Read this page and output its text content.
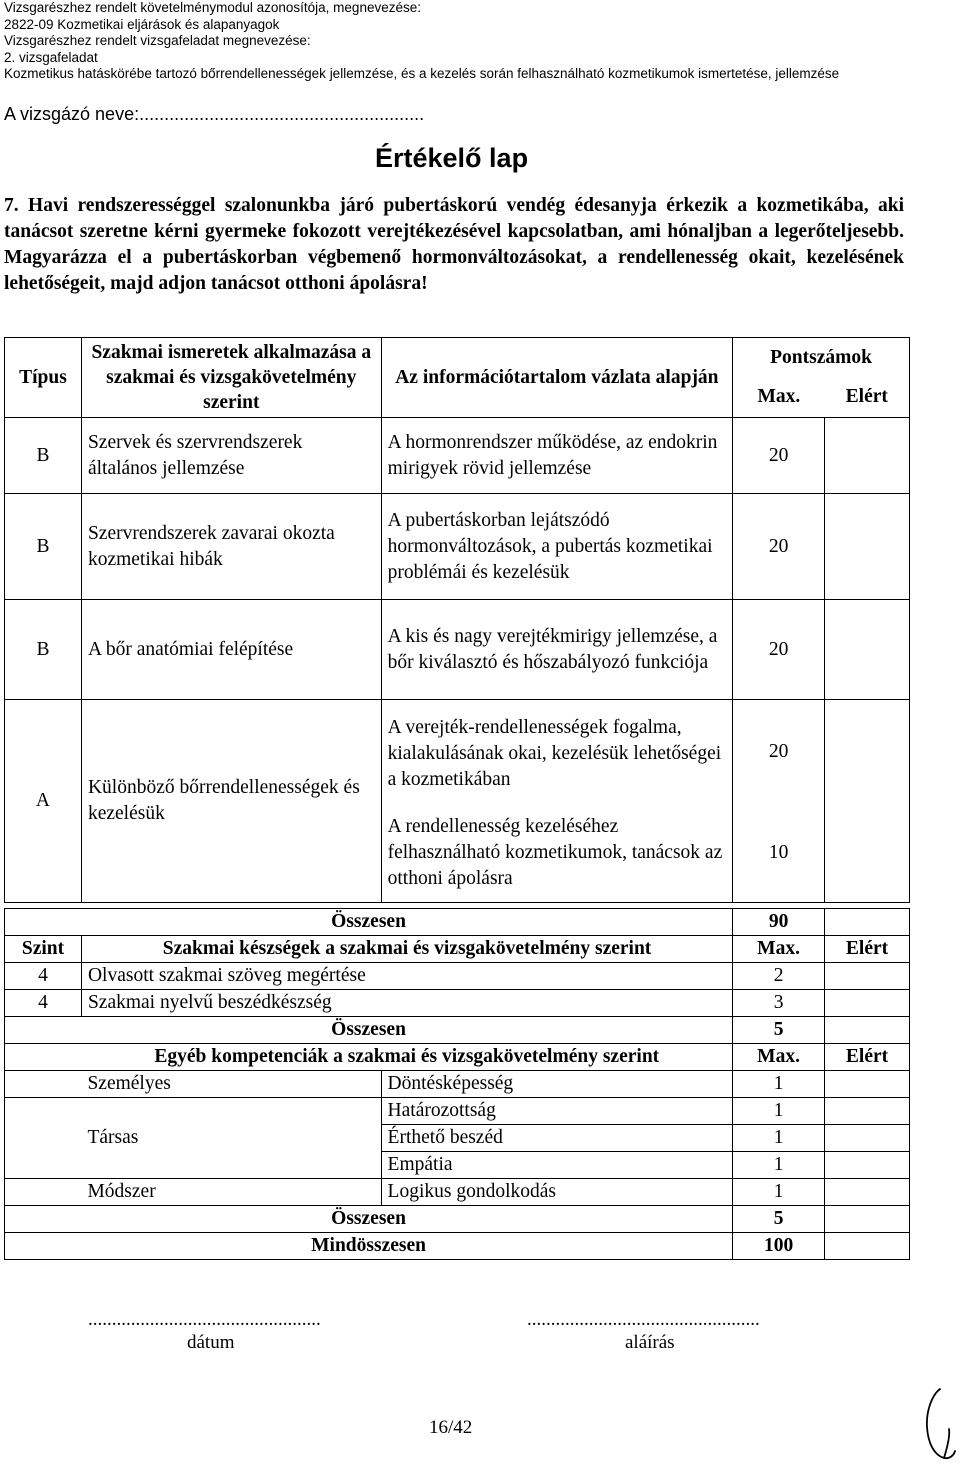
Vizsgarészhez rendelt követelménymodul azonosítója, megnevezése:
2822-09 Kozmetikai eljárások és alapanyagok
Vizsgarészhez rendelt vizsgafeladat megnevezése:
2. vizsgafeladat
Kozmetikus hatáskörébe tartozó bőrrendellenességek jellemzése, és a kezelés során felhasználható kozmetikumok ismertetése, jellemzése
A vizsgázó neve:.........................................................
Értékelő lap
7. Havi rendszerességgel szalonunkba járó pubertáskorú vendég édesanyja érkezik a kozmetikába, aki tanácsot szeretne kérni gyermeke fokozott verejtékezésével kapcsolatban, ami hónaljban a legerőteljesebb. Magyarázza el a pubertáskorban végbemenő hormonváltozásokat, a rendellenesség okait, kezelésének lehetőségeit, majd adjon tanácsot otthoni ápolásra!
Típus	Szakmai ismeretek alkalmazása a szakmai és vizsgakövetelmény szerint	Az információtartalom vázlata alapján	Pontszámok	
			Max.	Elért
B	Szervek és szervrendszerek általános jellemzése	A hormonrendszer működése, az endokrin mirigyek rövid jellemzése	20	
B	Szervrendszerek zavarai okozta kozmetikai hibák	A pubertáskorban lejátszódó hormonváltozások, a pubertás kozmetikai problémái és kezelésük	20	
B	A bőr anatómiai felépítése	A kis és nagy verejtékmirigy jellemzése, a bőr kiválasztó és hőszabályozó funkciója	20	
A	Különböző bőrrendellenességek és kezelésük	A verejték-rendellenességek fogalma, kialakulásának okai, kezelésük lehetőségei a kozmetikában	20	
		A rendellenesség kezeléséhez felhasználható kozmetikumok, tanácsok az otthoni ápolásra	10	
Összesen			90	
Szint	Szakmai készségek a szakmai és vizsgakövetelmény szerint		Max.	Elért
4	Olvasott szakmai szöveg megértése		2	
4	Szakmai nyelvű beszédkészség		3	
Összesen			5	
	Egyéb kompetenciák a szakmai és vizsgakövetelmény szerint		Max.	Elért
	Személyes	Döntésképesség	1	
	Társas	Határozottság	1	
		Érthető beszéd	1	
		Empátia	1	
	Módszer	Logikus gondolkodás	1	
Összesen			5	
Mindösszesen			100	
.................................................
dátum
.................................................
aláírás
16/42
